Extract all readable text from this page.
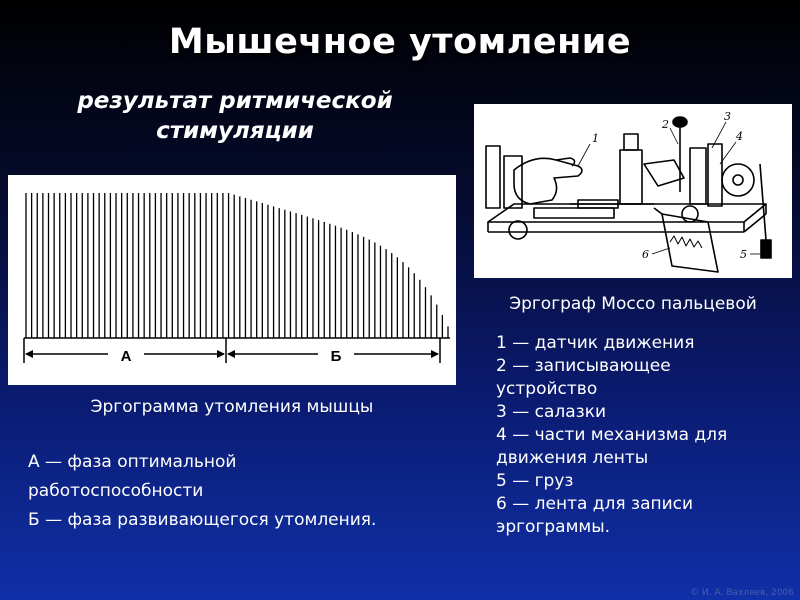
Мышечное утомление
результат ритмической
стимуляции
А	Б
Эргограмма утомления мышцы
А — фаза оптимальной
работоспособности
Б — фаза развивающегося утомления.
1
2
3
4
5
6
Эргограф Моссо пальцевой
1 — датчик движения
2 — записывающее
устройство
3 — салазки
4 — части механизма для
движения ленты
5 — груз
6 — лента для записи
эргограммы.
© И. А. Вахляев, 2006
